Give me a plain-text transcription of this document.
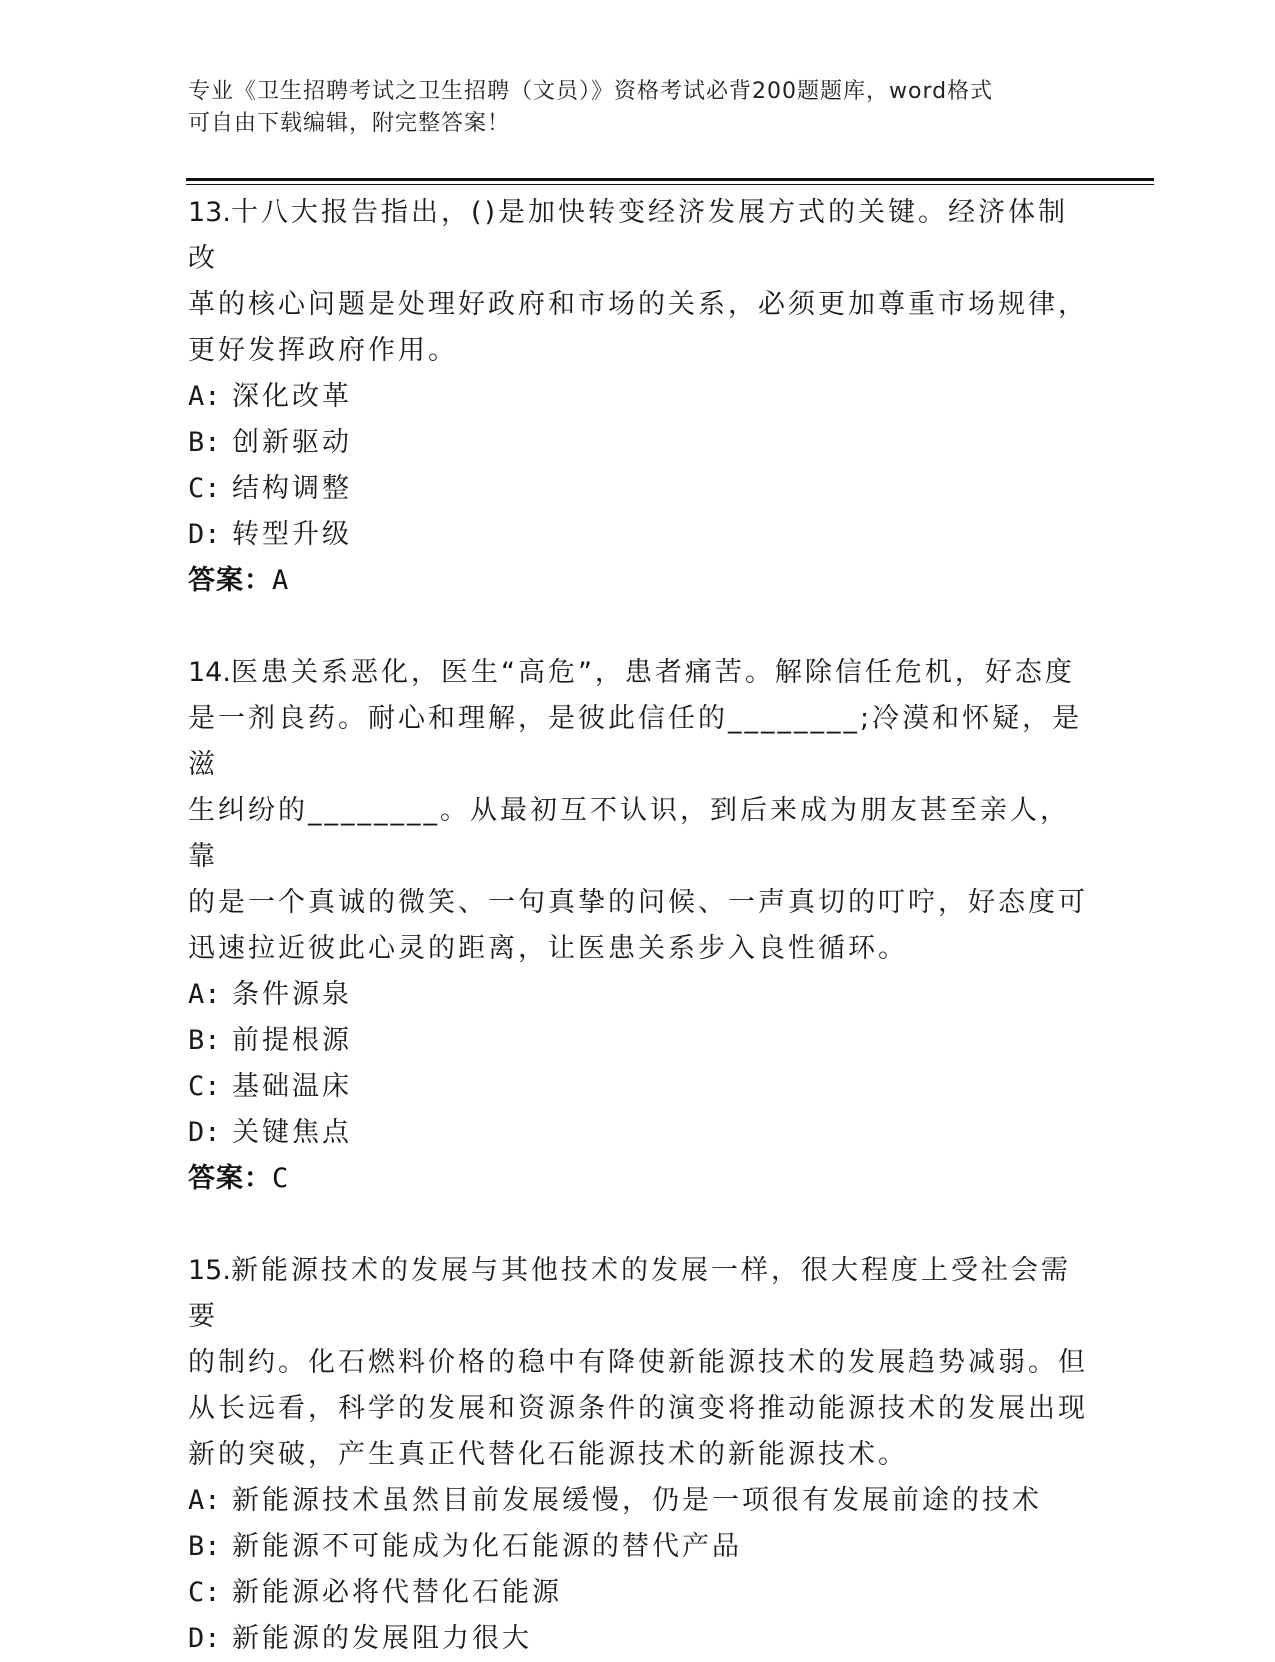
专业《卫生招聘考试之卫生招聘（文员）》资格考试必背200题题库，word格式
可自由下载编辑，附完整答案！
13.十八大报告指出，()是加快转变经济发展方式的关键。经济体制改
革的核心问题是处理好政府和市场的关系，必须更加尊重市场规律，
更好发挥政府作用。
A: 深化改革
B: 创新驱动
C: 结构调整
D: 转型升级
答案：A
14.医患关系恶化，医生“高危”，患者痛苦。解除信任危机，好态度
是一剂良药。耐心和理解，是彼此信任的________;冷漠和怀疑，是滋
生纠纷的________。从最初互不认识，到后来成为朋友甚至亲人，靠
的是一个真诚的微笑、一句真挚的问候、一声真切的叮咛，好态度可
迅速拉近彼此心灵的距离，让医患关系步入良性循环。
A: 条件源泉
B: 前提根源
C: 基础温床
D: 关键焦点
答案：C
15.新能源技术的发展与其他技术的发展一样，很大程度上受社会需要
的制约。化石燃料价格的稳中有降使新能源技术的发展趋势减弱。但
从长远看，科学的发展和资源条件的演变将推动能源技术的发展出现
新的突破，产生真正代替化石能源技术的新能源技术。
A: 新能源技术虽然目前发展缓慢，仍是一项很有发展前途的技术
B: 新能源不可能成为化石能源的替代产品
C: 新能源必将代替化石能源
D: 新能源的发展阻力很大
